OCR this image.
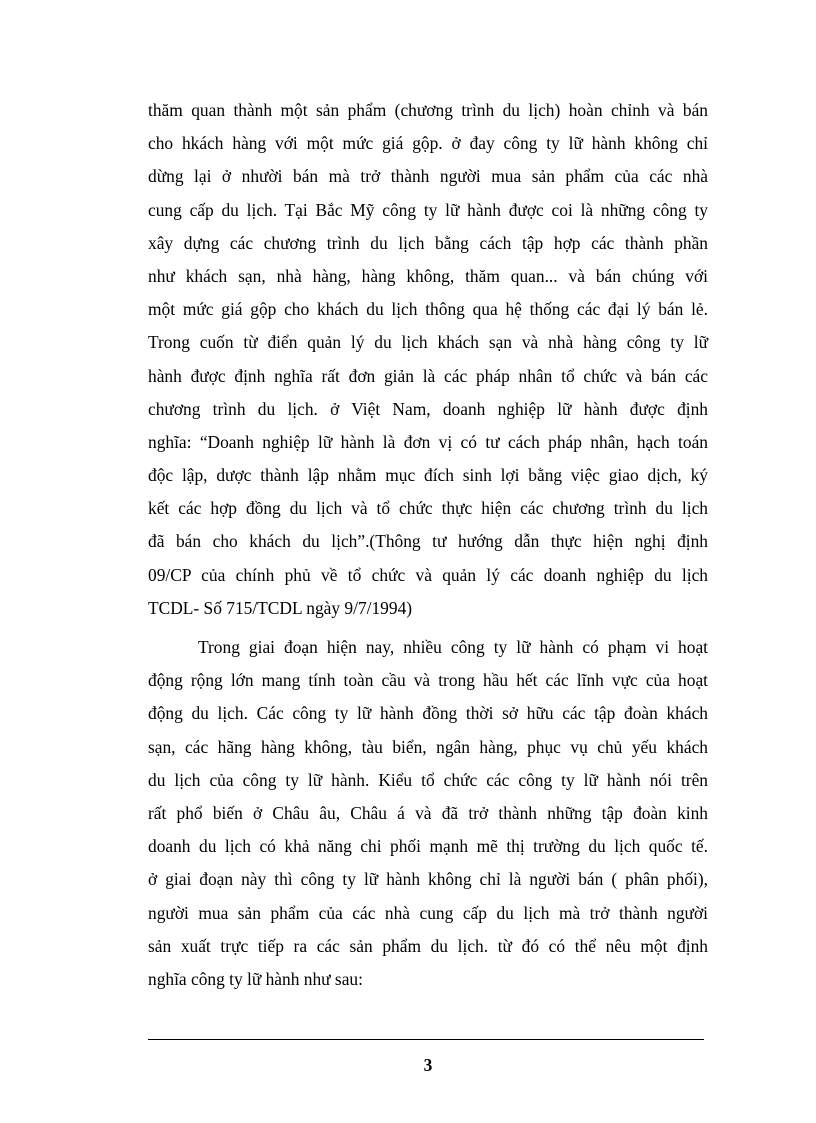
thăm quan thành một sản phẩm (chương trình du lịch) hoàn chỉnh và bán
cho hkách hàng với một mức giá gộp. ở đay công ty lữ hành không chỉ
dừng lại ở nhười bán mà trở thành người mua sản phẩm của các nhà
cung cấp du lịch. Tại Bắc Mỹ công ty lữ hành được coi là những công ty
xây dựng các chương trình du lịch bằng cách tập hợp các thành phần
như khách sạn, nhà hàng, hàng không, thăm quan... và bán chúng với
một mức giá gộp cho khách du lịch thông qua hệ thống các đại lý bán lẻ.
Trong cuốn từ điển quản lý du lịch khách sạn và nhà hàng công ty lữ
hành được định nghĩa rất đơn giản là các pháp nhân tổ chức và bán các
chương trình du lịch. ở Việt Nam, doanh nghiệp lữ hành được định
nghĩa: “Doanh nghiệp lữ hành là đơn vị có tư cách pháp nhân, hạch toán
độc lập, dược thành lập nhằm mục đích sinh lợi bằng việc giao dịch, ký
kết các hợp đồng du lịch và tổ chức thực hiện các chương trình du lịch
đã bán cho khách du lịch”.(Thông tư hướng dẫn thực hiện nghị định
09/CP của chính phủ về tổ chức và quản lý các doanh nghiệp du lịch
TCDL- Số 715/TCDL ngày 9/7/1994)
Trong giai đoạn hiện nay, nhiều công ty lữ hành có phạm vi hoạt
động rộng lớn mang tính toàn cầu và trong hầu hết các lĩnh vực của hoạt
động du lịch. Các công ty lữ hành đồng thời sở hữu các tập đoàn khách
sạn, các hãng hàng không, tàu biển, ngân hàng, phục vụ chủ yếu khách
du lịch của công ty lữ hành. Kiểu tổ chức các công ty lữ hành nói trên
rất phổ biến ở Châu âu, Châu á và đã trở thành những tập đoàn kinh
doanh du lịch có khả năng chi phối mạnh mẽ thị trường du lịch quốc tế.
ở giai đoạn này thì công ty lữ hành không chỉ là người bán ( phân phối),
người mua sản phẩm của các nhà cung cấp du lịch mà trở thành người
sản xuất trực tiếp ra các sản phẩm du lịch. từ đó có thể nêu một định
nghĩa công ty lữ hành như sau:
3
